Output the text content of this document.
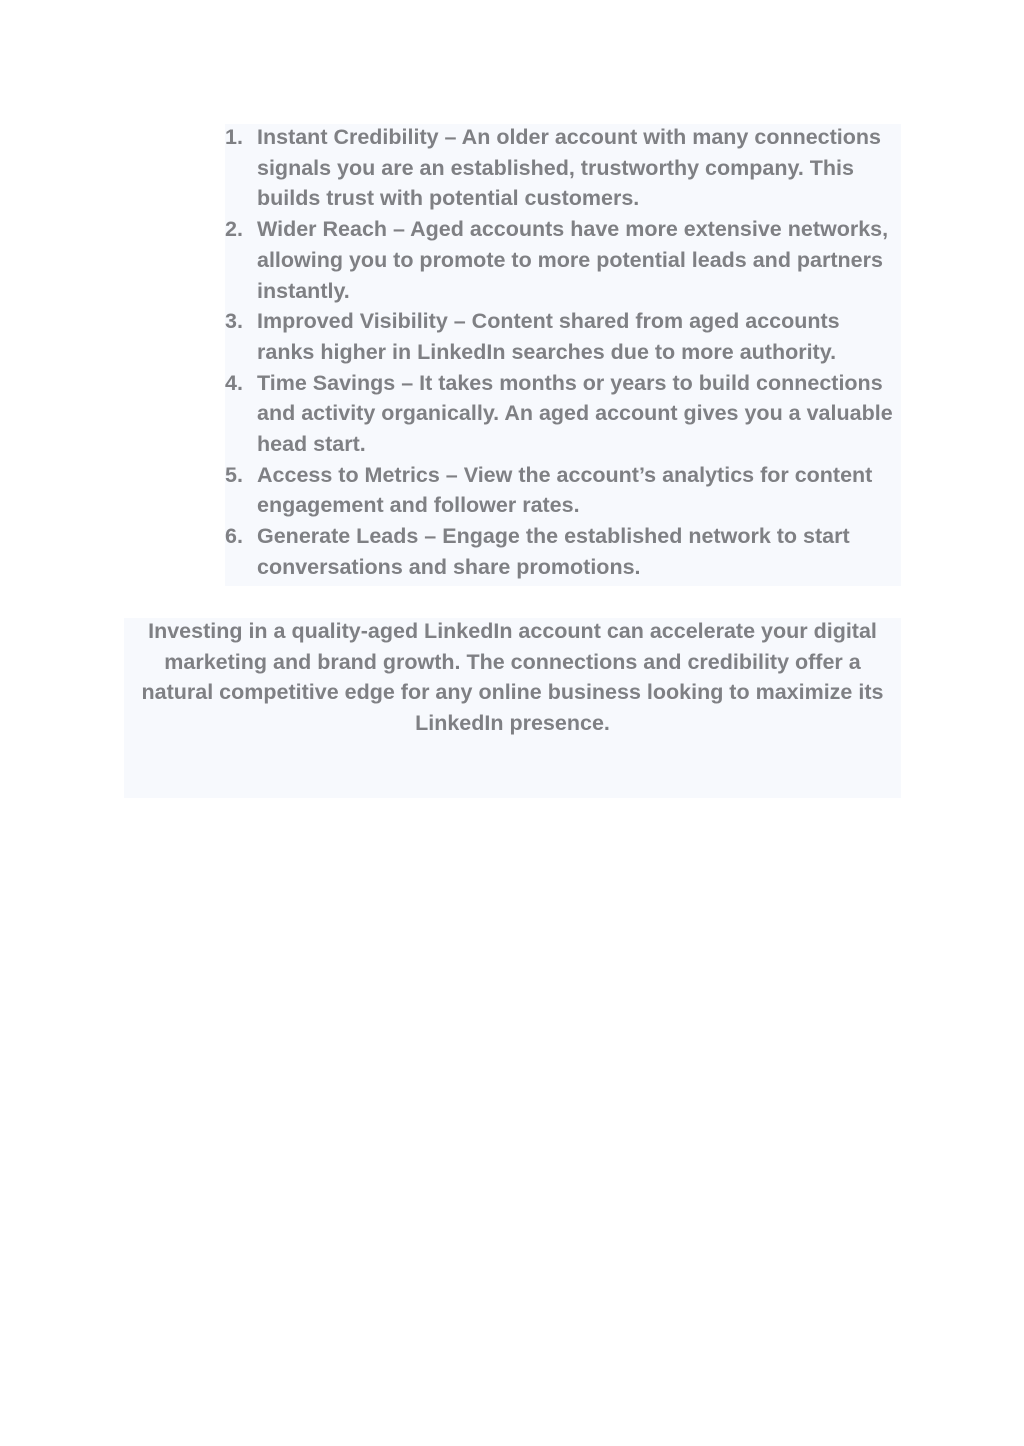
1. Instant Credibility – An older account with many connections signals you are an established, trustworthy company. This builds trust with potential customers.
2. Wider Reach – Aged accounts have more extensive networks, allowing you to promote to more potential leads and partners instantly.
3. Improved Visibility – Content shared from aged accounts ranks higher in LinkedIn searches due to more authority.
4. Time Savings – It takes months or years to build connections and activity organically. An aged account gives you a valuable head start.
5. Access to Metrics – View the account’s analytics for content engagement and follower rates.
6. Generate Leads – Engage the established network to start conversations and share promotions.

Investing in a quality-aged LinkedIn account can accelerate your digital marketing and brand growth. The connections and credibility offer a natural competitive edge for any online business looking to maximize its LinkedIn presence.
